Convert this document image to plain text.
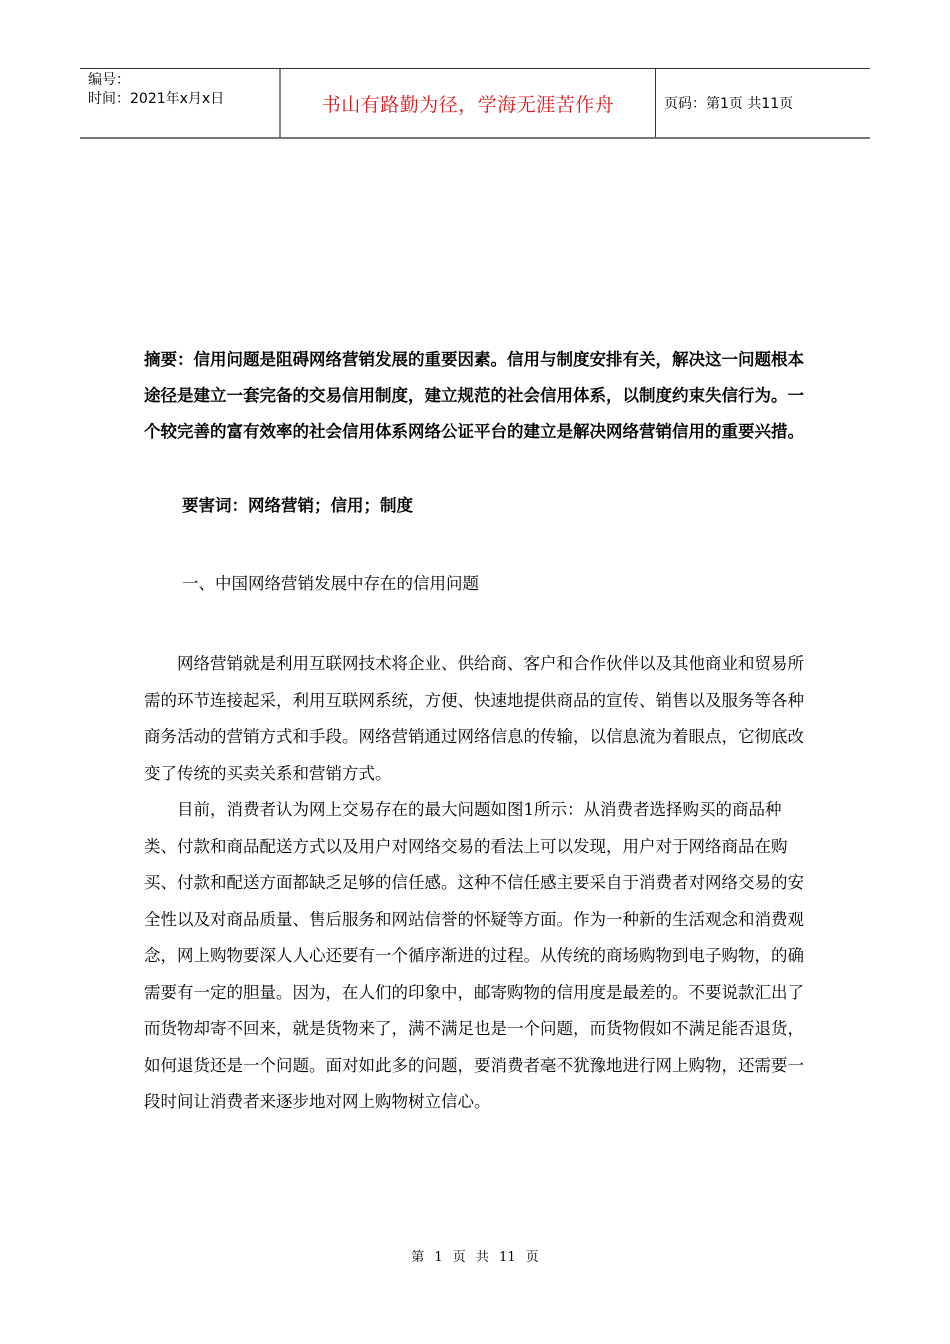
编号：
时间：2021年x月x日	书山有路勤为径，学海无涯苦作舟	页码：第1页 共11页
摘要：信用问题是阻碍网络营销发展的重要因素。信用与制度安排有关，解决这一问题根本途径是建立一套完备的交易信用制度，建立规范的社会信用体系，以制度约束失信行为。一个较完善的富有效率的社会信用体系网络公证平台的建立是解决网络营销信用的重要兴措。
要害词：网络营销；信用；制度
一、中国网络营销发展中存在的信用问题

网络营销就是利用互联网技术将企业、供给商、客户和合作伙伴以及其他商业和贸易所需的环节连接起采，利用互联网系统，方便、快速地提供商品的宣传、销售以及服务等各种商务活动的营销方式和手段。网络营销通过网络信息的传输，以信息流为着眼点，它彻底改变了传统的买卖关系和营销方式。

目前，消费者认为网上交易存在的最大问题如图1所示：从消费者选择购买的商品种类、付款和商品配送方式以及用户对网络交易的看法上可以发现，用户对于网络商品在购买、付款和配送方面都缺乏足够的信任感。这种不信任感主要采自于消费者对网络交易的安全性以及对商品质量、售后服务和网站信誉的怀疑等方面。作为一种新的生活观念和消费观念，网上购物要深人人心还要有一个循序渐进的过程。从传统的商场购物到电子购物，的确需要有一定的胆量。因为，在人们的印象中，邮寄购物的信用度是最差的。不要说款汇出了而货物却寄不回来，就是货物来了，满不满足也是一个问题，而货物假如不满足能否退货，如何退货还是一个问题。面对如此多的问题，要消费者毫不犹豫地进行网上购物，还需要一段时间让消费者来逐步地对网上购物树立信心。

第 1 页 共 11 页
